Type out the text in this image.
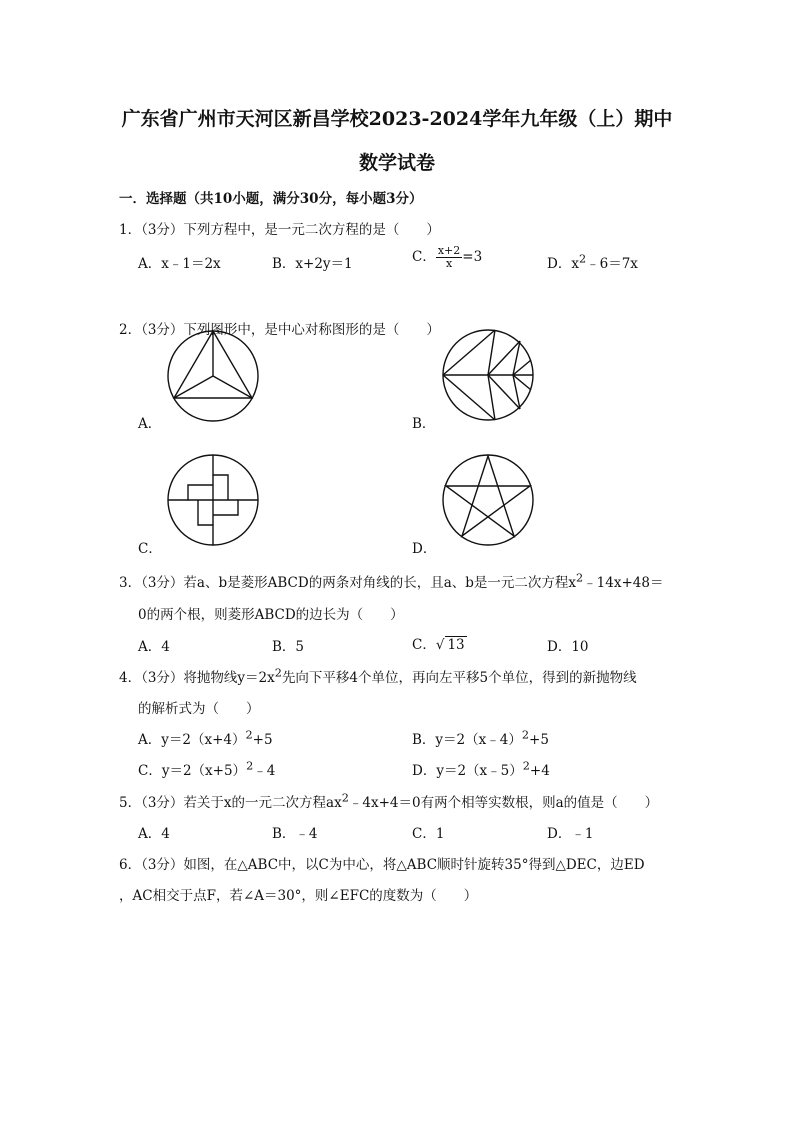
广东省广州市天河区新昌学校2023-2024学年九年级（上）期中
数学试卷
一．选择题（共10小题，满分30分，每小题3分）
1．（3分）下列方程中，是一元二次方程的是（　　）
A．x﹣1＝2x	B．x+2y＝1	C． $\frac{x+2}{x} =3$	D．$x^2﹣6=7x$
2．（3分）下列图形中，是中心对称图形的是（　　）
A．	B．
C．	D．
3．（3分）若a、b是菱形ABCD的两条对角线的长，且a、b是一元二次方程$x^2﹣14x+48=$
0的两个根，则菱形ABCD的边长为（　　）
A．4	B．5	C．√ 13	D．10
4．（3分）将抛物线$y=2x^2$先向下平移4个单位，再向左平移5个单位，得到的新抛物线
的解析式为（　　）
A．$y=2(x+4)^2+5$	B．y＝2（x﹣4）$^2$+5
C．$y=2(x+5)^2﹣4$	D．y＝2（x﹣5）$^2$+4
5．（3分）若关于x的一元二次方程$ax^2﹣4x+4=0$有两个相等实数根，则a的值是（　　）
A．4	B．﹣4	C．1	D．﹣1
6．（3分）如图，在△ABC中，以C为中心，将△ABC顺时针旋转35°得到△DEC，边ED
，AC相交于点F，若∠A＝30°，则∠EFC的度数为（　　）
